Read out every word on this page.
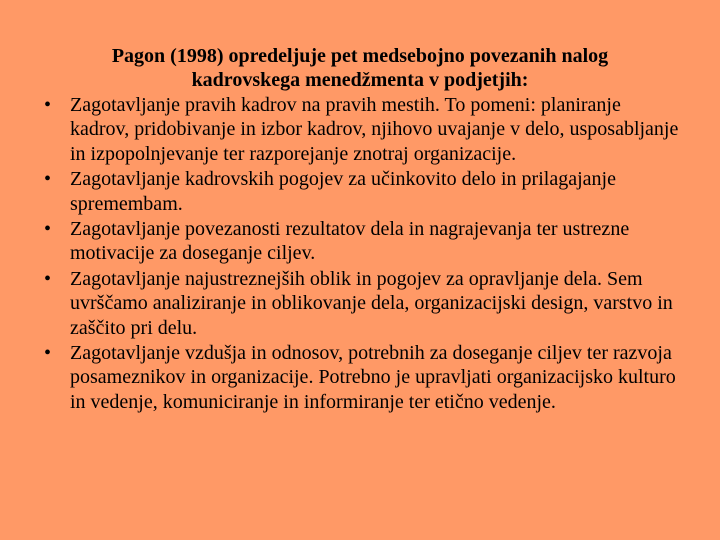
Pagon (1998) opredeljuje pet medsebojno povezanih nalog kadrovskega menedžmenta v podjetjih:
• Zagotavljanje pravih kadrov na pravih mestih. To pomeni: planiranje kadrov, pridobivanje in izbor kadrov, njihovo uvajanje v delo, usposabljanje in izpopolnjevanje ter razporejanje znotraj organizacije.
• Zagotavljanje kadrovskih pogojev za učinkovito delo in prilagajanje spremembam.
• Zagotavljanje povezanosti rezultatov dela in nagrajevanja ter ustrezne motivacije za doseganje ciljev.
• Zagotavljanje najustreznejših oblik in pogojev za opravljanje dela. Sem uvrščamo analiziranje in oblikovanje dela, organizacijski design, varstvo in zaščito pri delu.
• Zagotavljanje vzdušja in odnosov, potrebnih za doseganje ciljev ter razvoja posameznikov in organizacije. Potrebno je upravljati organizacijsko kulturo in vedenje, komuniciranje in informiranje ter etično vedenje.
